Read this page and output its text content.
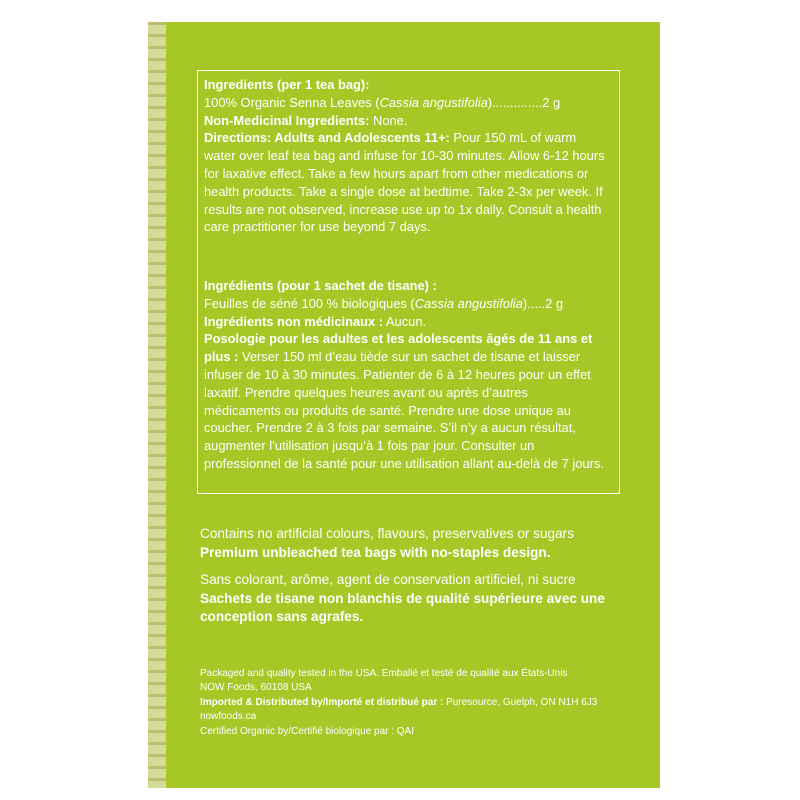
Ingredients (per 1 tea bag):
100% Organic Senna Leaves (Cassia angustifolia)..............2 g
Non-Medicinal Ingredients: None.
Directions: Adults and Adolescents 11+: Pour 150 mL of warm water over leaf tea bag and infuse for 10-30 minutes. Allow 6-12 hours for laxative effect. Take a few hours apart from other medications or health products. Take a single dose at bedtime. Take 2-3x per week. If results are not observed, increase use up to 1x daily. Consult a health care practitioner for use beyond 7 days.

Ingrédients (pour 1 sachet de tisane) :
Feuilles de séné 100 % biologiques (Cassia angustifolia).....2 g
Ingrédients non médicinaux : Aucun.
Posologie pour les adultes et les adolescents âgés de 11 ans et plus : Verser 150 ml d’eau tiède sur un sachet de tisane et laisser infuser de 10 à 30 minutes. Patienter de 6 à 12 heures pour un effet laxatif. Prendre quelques heures avant ou après d’autres médicaments ou produits de santé. Prendre une dose unique au coucher. Prendre 2 à 3 fois par semaine. S’il n’y a aucun résultat, augmenter l’utilisation jusqu’à 1 fois par jour. Consulter un professionnel de la santé pour une utilisation allant au-delà de 7 jours.

Contains no artificial colours, flavours, preservatives or sugars
Premium unbleached tea bags with no-staples design.

Sans colorant, arôme, agent de conservation artificiel, ni sucre
Sachets de tisane non blanchis de qualité supérieure avec une conception sans agrafes.

Packaged and quality tested in the USA. Emballé et testé de qualité aux États-Unis
NOW Foods, 60108 USA
Imported & Distributed by/Importé et distribué par : Puresource, Guelph, ON N1H 6J3 nowfoods.ca
Certified Organic by/Certifié biologique par : QAI
